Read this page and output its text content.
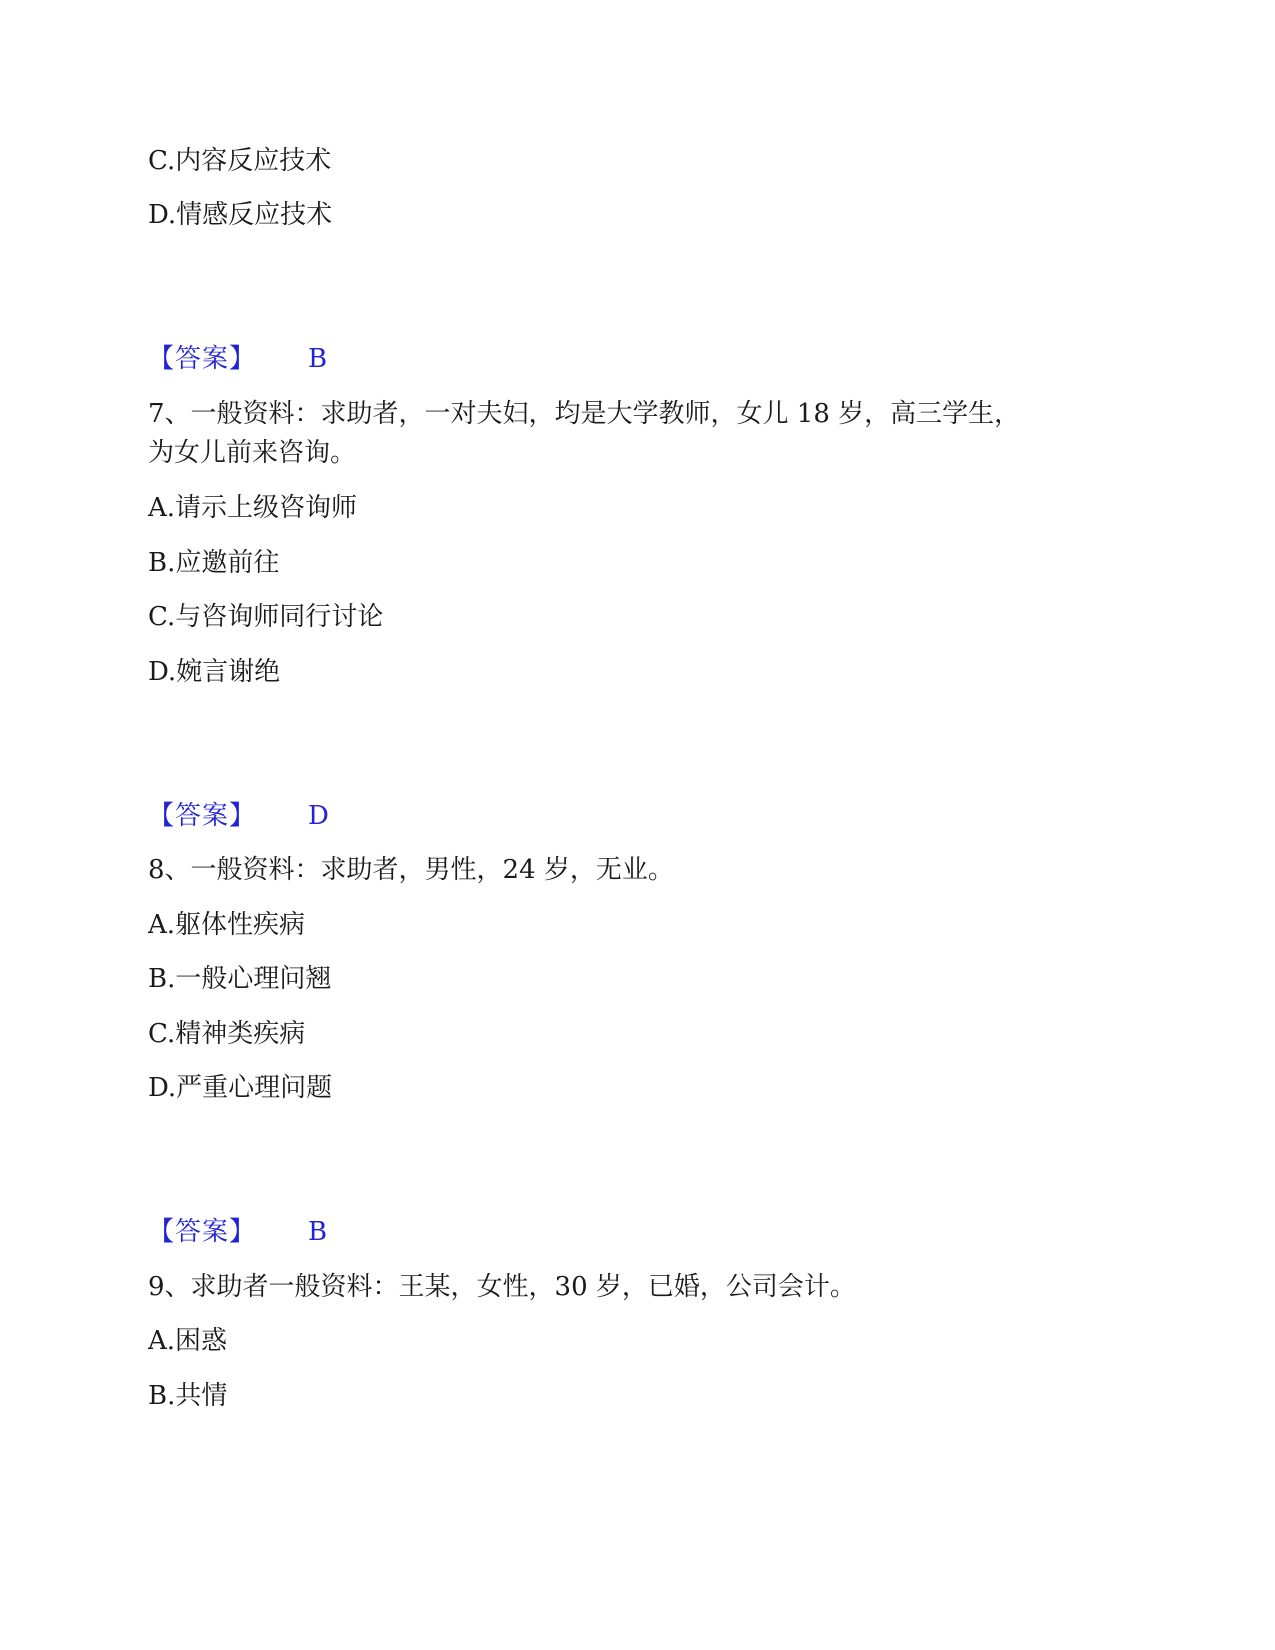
C.内容反应技术
D.情感反应技术
【答案】 B
7、一般资料：求助者，一对夫妇，均是大学教师，女儿 18 岁，高三学生，
为女儿前来咨询。
A.请示上级咨询师
B.应邀前往
C.与咨询师同行讨论
D.婉言谢绝
【答案】 D
8、一般资料：求助者，男性，24 岁，无业。
A.躯体性疾病
B.一般心理问翘
C.精神类疾病
D.严重心理问题
【答案】 B
9、求助者一般资料：王某，女性，30 岁，已婚，公司会计。
A.困惑
B.共情
